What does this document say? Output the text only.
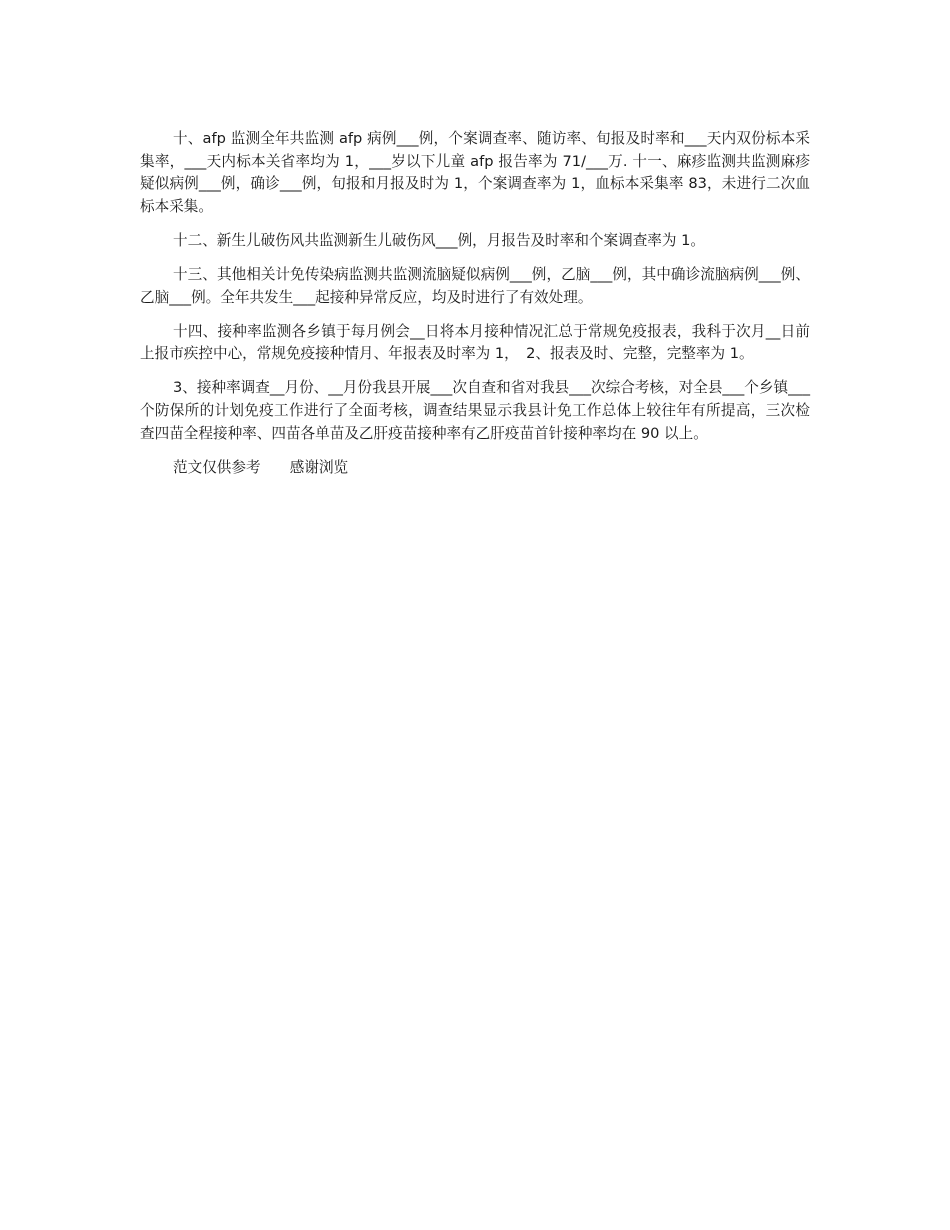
十、afp 监测全年共监测 afp 病例___例，个案调查率、随访率、旬报及时率和___天内双份标本采集率，___天内标本关省率均为 1，___岁以下儿童 afp 报告率为 71/___万. 十一、麻疹监测共监测麻疹疑似病例___例，确诊___例，旬报和月报及时为 1，个案调查率为 1，血标本采集率 83，未进行二次血标本采集。

十二、新生儿破伤风共监测新生儿破伤风___例，月报告及时率和个案调查率为 1。

十三、其他相关计免传染病监测共监测流脑疑似病例___例，乙脑___例，其中确诊流脑病例___例、乙脑___例。全年共发生___起接种异常反应，均及时进行了有效处理。

十四、接种率监测各乡镇于每月例会__日将本月接种情况汇总于常规免疫报表，我科于次月__日前上报市疾控中心，常规免疫接种情月、年报表及时率为 1，　2、报表及时、完整，完整率为 1。

3、接种率调查__月份、__月份我县开展___次自查和省对我县___次综合考核，对全县___个乡镇___个防保所的计划免疫工作进行了全面考核，调查结果显示我县计免工作总体上较往年有所提高，三次检查四苗全程接种率、四苗各单苗及乙肝疫苗接种率有乙肝疫苗首针接种率均在 90 以上。

范文仅供参考　　感谢浏览
